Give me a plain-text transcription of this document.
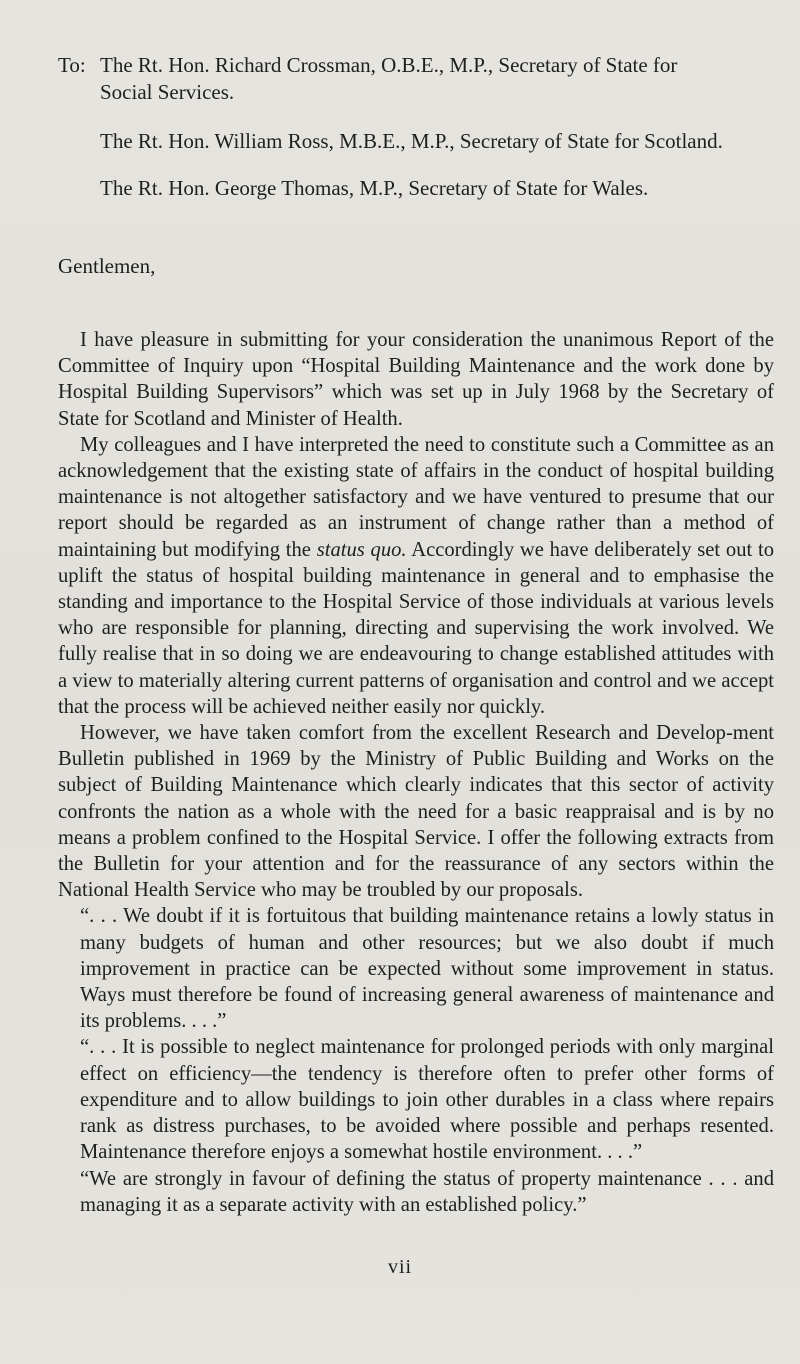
To: The Rt. Hon. Richard Crossman, O.B.E., M.P., Secretary of State for
Social Services.
The Rt. Hon. William Ross, M.B.E., M.P., Secretary of State for Scotland.
The Rt. Hon. George Thomas, M.P., Secretary of State for Wales.
Gentlemen,

I have pleasure in submitting for your consideration the unanimous Report of the Committee of Inquiry upon “Hospital Building Maintenance and the work done by Hospital Building Supervisors” which was set up in July 1968 by the Secretary of State for Scotland and Minister of Health.

My colleagues and I have interpreted the need to constitute such a Committee as an acknowledgement that the existing state of affairs in the conduct of hospital building maintenance is not altogether satisfactory and we have ventured to presume that our report should be regarded as an instrument of change rather than a method of maintaining but modifying the status quo. Accordingly we have deliberately set out to uplift the status of hospital building maintenance in general and to emphasise the standing and importance to the Hospital Service of those individuals at various levels who are responsible for planning, directing and supervising the work involved. We fully realise that in so doing we are endeavouring to change established attitudes with a view to materially altering current patterns of organisation and control and we accept that the process will be achieved neither easily nor quickly.

However, we have taken comfort from the excellent Research and Develop-ment Bulletin published in 1969 by the Ministry of Public Building and Works on the subject of Building Maintenance which clearly indicates that this sector of activity confronts the nation as a whole with the need for a basic reappraisal and is by no means a problem confined to the Hospital Service. I offer the following extracts from the Bulletin for your attention and for the reassurance of any sectors within the National Health Service who may be troubled by our proposals.

“. . . We doubt if it is fortuitous that building maintenance retains a lowly status in many budgets of human and other resources; but we also doubt if much improvement in practice can be expected without some improvement in status. Ways must therefore be found of increasing general awareness of maintenance and its problems. . . .”

“. . . It is possible to neglect maintenance for prolonged periods with only marginal effect on efficiency—the tendency is therefore often to prefer other forms of expenditure and to allow buildings to join other durables in a class where repairs rank as distress purchases, to be avoided where possible and perhaps resented. Maintenance therefore enjoys a somewhat hostile environment. . . .”

“We are strongly in favour of defining the status of property maintenance . . . and managing it as a separate activity with an established policy.”

vii
